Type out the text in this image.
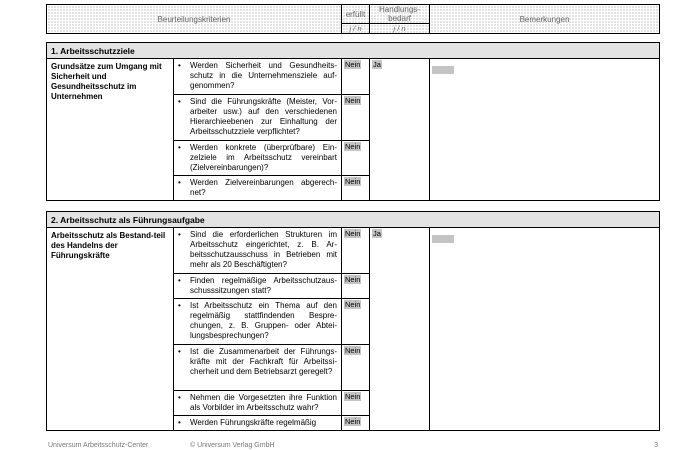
Beurteilungskriterien		erfüllt	Handlungs-bedarf	Bemerkungen
		j / n	j / n	

1. Arbeitsschutzziele				
Grundsätze zum Umgang mit Sicherheit und Gesundheitsschutz im Unternehmen	• Werden Sicherheit und Gesundheits-schutz in die Unternehmensziele auf-genommen?	Nein	Ja	

	• Sind die Führungskräfte (Meister, Vor-arbeiter usw.) auf den verschiedenen Hierarchieebenen zur Einhaltung der Arbeitsschutzziele verpflichtet?	Nein		

	• Werden konkrete (überprüfbare) Ein-zelziele im Arbeitsschutz vereinbart (Zielvereinbarungen)?	Nein		

	• Werden Zielvereinbarungen abgerech-net?	Nein		

2. Arbeitsschutz als Führungsaufgabe				
Arbeitsschutz als Bestand-teil des Handelns der Führungskräfte	• Sind die erforderlichen Strukturen im Arbeitsschutz eingerichtet, z. B. Ar-beitsschutzausschuss in Betrieben mit mehr als 20 Beschäftigten?	Nein	Ja	

	• Finden regelmäßige Arbeitsschutzaus-schusssitzungen statt?	Nein		

	• Ist Arbeitsschutz ein Thema auf den regelmäßig stattfindenden Bespre-chungen, z. B. Gruppen- oder Abtei-lungsbesprechungen?	Nein		

	• Ist die Zusammenarbeit der Führungs-kräfte mit der Fachkraft für Arbeitssi-cherheit und dem Betriebsarzt geregelt?	Nein		

	• Nehmen die Vorgesetzten ihre Funktion als Vorbilder im Arbeitsschutz wahr?	Nein		

	• Werden Führungskräfte regelmäßig	Nein		
Universum Arbeitsschutz-Center	© Universum Verlag GmbH	3
